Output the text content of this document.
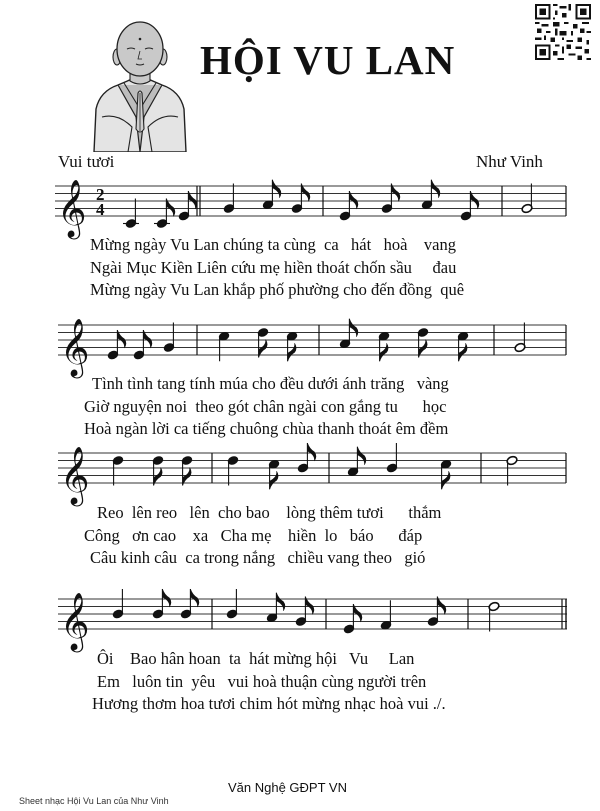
HỘI VU LAN
Vui tươi	Như Vinh
𝄞 2
4
𝄞
𝄞
𝄞
Mừng ngày Vu Lan chúng ta cùng  ca   hát   hoà    vang
Ngài Mục Kiền Liên cứu mẹ hiền thoát chốn sầu     đau
Mừng ngày Vu Lan khắp phố phường cho đến đồng  quê
Tình tình tang tính múa cho đều dưới ánh trăng   vàng
Giờ nguyện noi  theo gót chân ngài con gắng tu      học
Hoà ngàn lời ca tiếng chuông chùa thanh thoát êm đềm
Reo  lên reo   lên  cho bao    lòng thêm tươi      thắm
Công   ơn cao    xa   Cha mẹ    hiền  lo   báo      đáp
Câu kinh câu  ca trong nắng   chiều vang theo   gió
Ôi    Bao hân hoan  ta  hát mừng hội   Vu     Lan
Em   luôn tin  yêu   vui hoà thuận cùng người trên
Hương thơm hoa tươi chim hót mừng nhạc hoà vui ./.
Văn Nghệ GĐPT VN
Sheet nhạc Hội Vu Lan của Như Vinh
